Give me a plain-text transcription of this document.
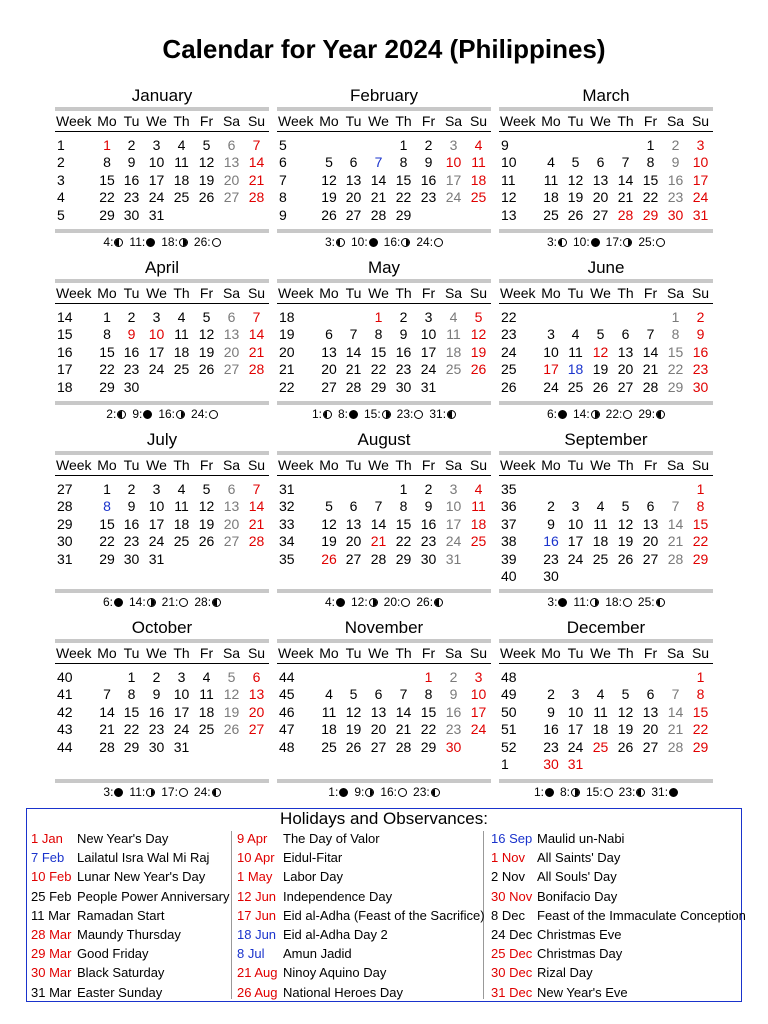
Calendar for Year 2024 (Philippines)
January
Week	Mo	Tu	We	Th	Fr	Sa	Su

1	1	2	3	4	5	6	7
2	8	9	10	11	12	13	14
3	15	16	17	18	19	20	21
4	22	23	24	25	26	27	28
5	29	30	31				
4: 11: 18: 26:
February
Week	Mo	Tu	We	Th	Fr	Sa	Su

5				1	2	3	4
6	5	6	7	8	9	10	11
7	12	13	14	15	16	17	18
8	19	20	21	22	23	24	25
9	26	27	28	29			
3: 10: 16: 24:
March
Week	Mo	Tu	We	Th	Fr	Sa	Su

9					1	2	3
10	4	5	6	7	8	9	10
11	11	12	13	14	15	16	17
12	18	19	20	21	22	23	24
13	25	26	27	28	29	30	31
3: 10: 17: 25:
April
Week	Mo	Tu	We	Th	Fr	Sa	Su

14	1	2	3	4	5	6	7
15	8	9	10	11	12	13	14
16	15	16	17	18	19	20	21
17	22	23	24	25	26	27	28
18	29	30					
2: 9: 16: 24:
May
Week	Mo	Tu	We	Th	Fr	Sa	Su

18			1	2	3	4	5
19	6	7	8	9	10	11	12
20	13	14	15	16	17	18	19
21	20	21	22	23	24	25	26
22	27	28	29	30	31		
1: 8: 15: 23: 31:
June
Week	Mo	Tu	We	Th	Fr	Sa	Su

22						1	2
23	3	4	5	6	7	8	9
24	10	11	12	13	14	15	16
25	17	18	19	20	21	22	23
26	24	25	26	27	28	29	30
6: 14: 22: 29:
July
Week	Mo	Tu	We	Th	Fr	Sa	Su

27	1	2	3	4	5	6	7
28	8	9	10	11	12	13	14
29	15	16	17	18	19	20	21
30	22	23	24	25	26	27	28
31	29	30	31				
6: 14: 21: 28:
August
Week	Mo	Tu	We	Th	Fr	Sa	Su

31				1	2	3	4
32	5	6	7	8	9	10	11
33	12	13	14	15	16	17	18
34	19	20	21	22	23	24	25
35	26	27	28	29	30	31	
4: 12: 20: 26:
September
Week	Mo	Tu	We	Th	Fr	Sa	Su

35							1
36	2	3	4	5	6	7	8
37	9	10	11	12	13	14	15
38	16	17	18	19	20	21	22
39	23	24	25	26	27	28	29
40	30						
3: 11: 18: 25:
October
Week	Mo	Tu	We	Th	Fr	Sa	Su

40		1	2	3	4	5	6
41	7	8	9	10	11	12	13
42	14	15	16	17	18	19	20
43	21	22	23	24	25	26	27
44	28	29	30	31			
3: 11: 17: 24:
November
Week	Mo	Tu	We	Th	Fr	Sa	Su

44					1	2	3
45	4	5	6	7	8	9	10
46	11	12	13	14	15	16	17
47	18	19	20	21	22	23	24
48	25	26	27	28	29	30	
1: 9: 16: 23:
December
Week	Mo	Tu	We	Th	Fr	Sa	Su

48							1
49	2	3	4	5	6	7	8
50	9	10	11	12	13	14	15
51	16	17	18	19	20	21	22
52	23	24	25	26	27	28	29
1	30	31					
1: 8: 15: 23: 31:
Holidays and Observances:
1 Jan New Year's Day
7 Feb Lailatul Isra Wal Mi Raj
10 Feb Lunar New Year's Day
25 Feb People Power Anniversary
11 Mar Ramadan Start
28 Mar Maundy Thursday
29 Mar Good Friday
30 Mar Black Saturday
31 Mar Easter Sunday
9 Apr The Day of Valor
10 Apr Eidul-Fitar
1 May Labor Day
12 Jun Independence Day
17 Jun Eid al-Adha (Feast of the Sacrifice)
18 Jun Eid al-Adha Day 2
8 Jul Amun Jadid
21 Aug Ninoy Aquino Day
26 Aug National Heroes Day
16 Sep Maulid un-Nabi
1 Nov All Saints' Day
2 Nov All Souls' Day
30 Nov Bonifacio Day
8 Dec Feast of the Immaculate Conception
24 Dec Christmas Eve
25 Dec Christmas Day
30 Dec Rizal Day
31 Dec New Year's Eve
